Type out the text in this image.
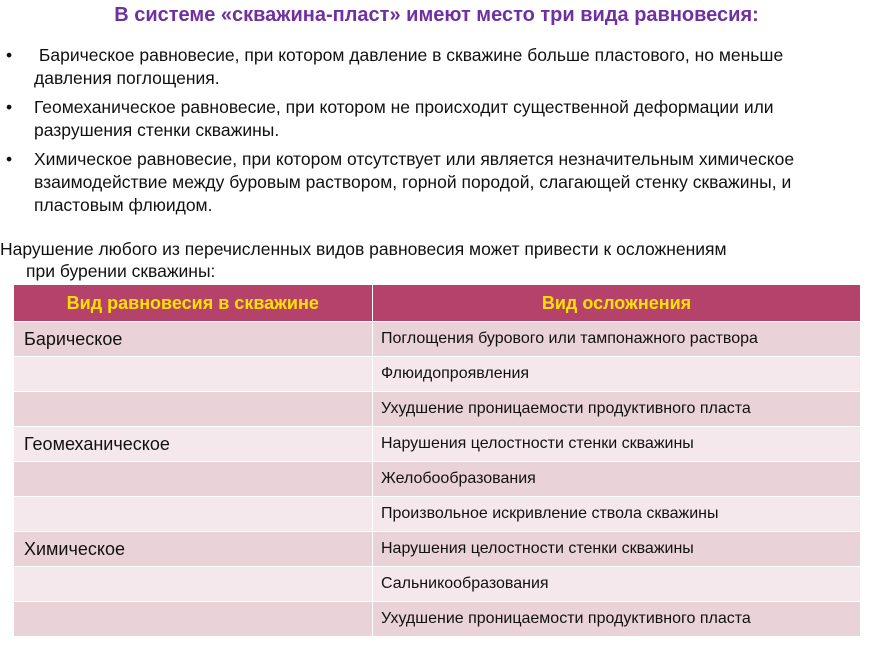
В системе «скважина-пласт» имеют место три вида равновесия:
•	Барическое равновесие, при котором давление в скважине больше пластового, но меньше давления поглощения.
•	Геомеханическое равновесие, при котором не происходит существенной деформации или разрушения стенки скважины.
•	Химическое равновесие, при котором отсутствует или является незначительным химическое взаимодействие между буровым раствором, горной породой, слагающей стенку скважины, и пластовым флюидом.
Нарушение любого из перечисленных видов равновесия может привести к осложнениям
при бурении скважины:
Вид равновесия в скважине	Вид осложнения
Барическое	Поглощения бурового или тампонажного раствора
	Флюидопроявления
	Ухудшение проницаемости продуктивного пласта
Геомеханическое	Нарушения целостности стенки скважины
	Желобообразования
	Произвольное искривление ствола скважины
Химическое	Нарушения целостности стенки скважины
	Сальникообразования
	Ухудшение проницаемости продуктивного пласта
